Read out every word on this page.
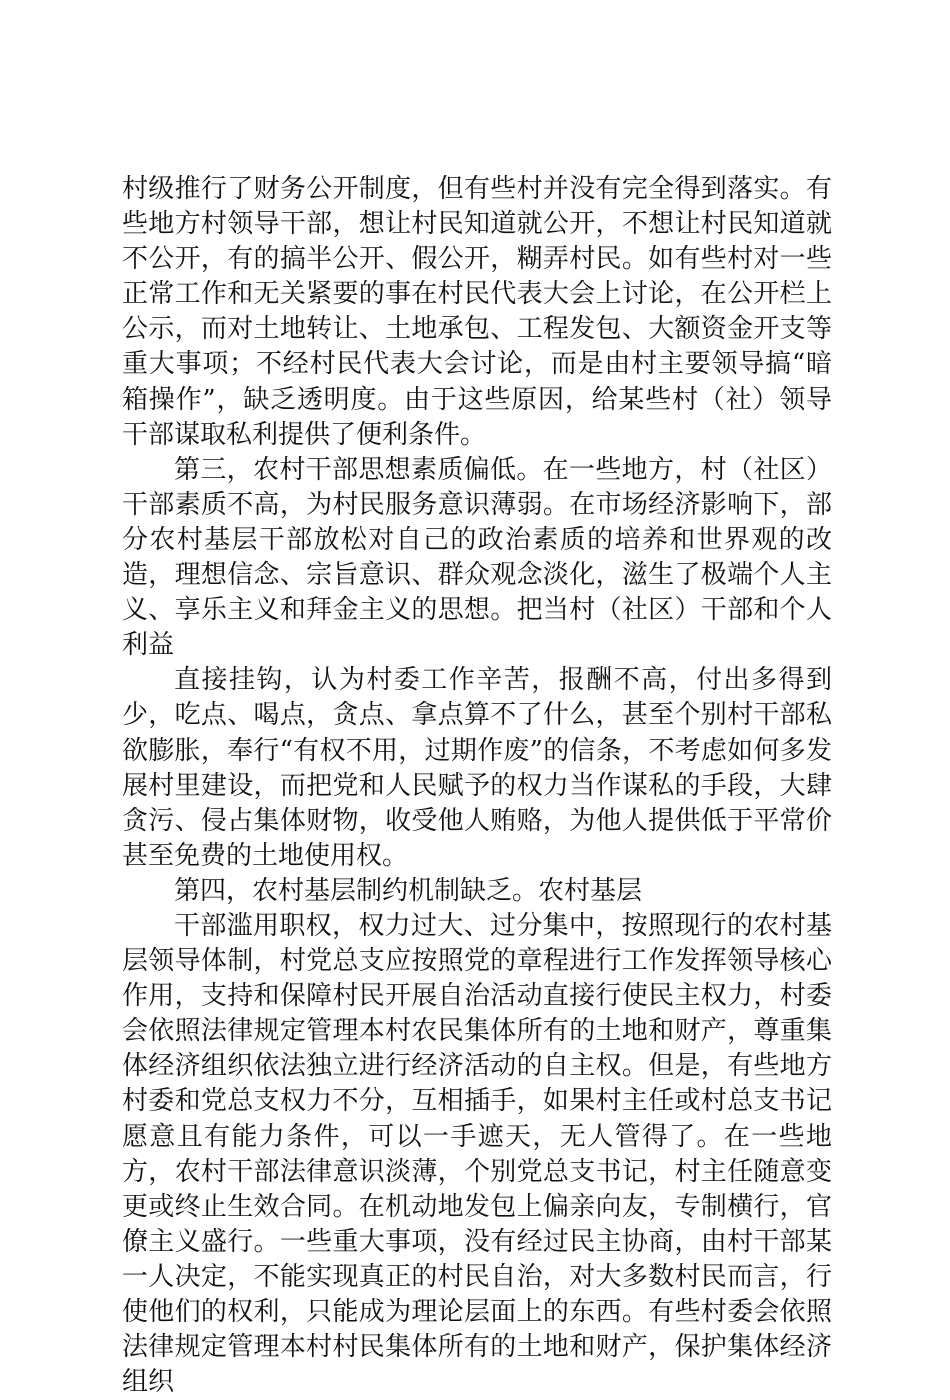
村级推行了财务公开制度，但有些村并没有完全得到落实。有些地方村领导干部，想让村民知道就公开，不想让村民知道就不公开，有的搞半公开、假公开，糊弄村民。如有些村对一些正常工作和无关紧要的事在村民代表大会上讨论，在公开栏上公示，而对土地转让、土地承包、工程发包、大额资金开支等重大事项；不经村民代表大会讨论，而是由村主要领导搞“暗箱操作”，缺乏透明度。由于这些原因，给某些村（社）领导干部谋取私利提供了便利条件。

第三，农村干部思想素质偏低。在一些地方，村（社区）干部素质不高，为村民服务意识薄弱。在市场经济影响下，部分农村基层干部放松对自己的政治素质的培养和世界观的改造，理想信念、宗旨意识、群众观念淡化，滋生了极端个人主义、享乐主义和拜金主义的思想。把当村（社区）干部和个人利益

直接挂钩，认为村委工作辛苦，报酬不高，付出多得到少，吃点、喝点，贪点、拿点算不了什么，甚至个别村干部私欲膨胀，奉行“有权不用，过期作废”的信条，不考虑如何多发展村里建设，而把党和人民赋予的权力当作谋私的手段，大肆贪污、侵占集体财物，收受他人贿赂，为他人提供低于平常价甚至免费的土地使用权。

第四，农村基层制约机制缺乏。农村基层

干部滥用职权，权力过大、过分集中，按照现行的农村基层领导体制，村党总支应按照党的章程进行工作发挥领导核心作用，支持和保障村民开展自治活动直接行使民主权力，村委会依照法律规定管理本村农民集体所有的土地和财产，尊重集体经济组织依法独立进行经济活动的自主权。但是，有些地方村委和党总支权力不分，互相插手，如果村主任或村总支书记愿意且有能力条件，可以一手遮天，无人管得了。在一些地方，农村干部法律意识淡薄，个别党总支书记，村主任随意变更或终止生效合同。在机动地发包上偏亲向友，专制横行，官僚主义盛行。一些重大事项，没有经过民主协商，由村干部某一人决定，不能实现真正的村民自治，对大多数村民而言，行使他们的权利，只能成为理论层面上的东西。有些村委会依照法律规定管理本村村民集体所有的土地和财产，保护集体经济组织
